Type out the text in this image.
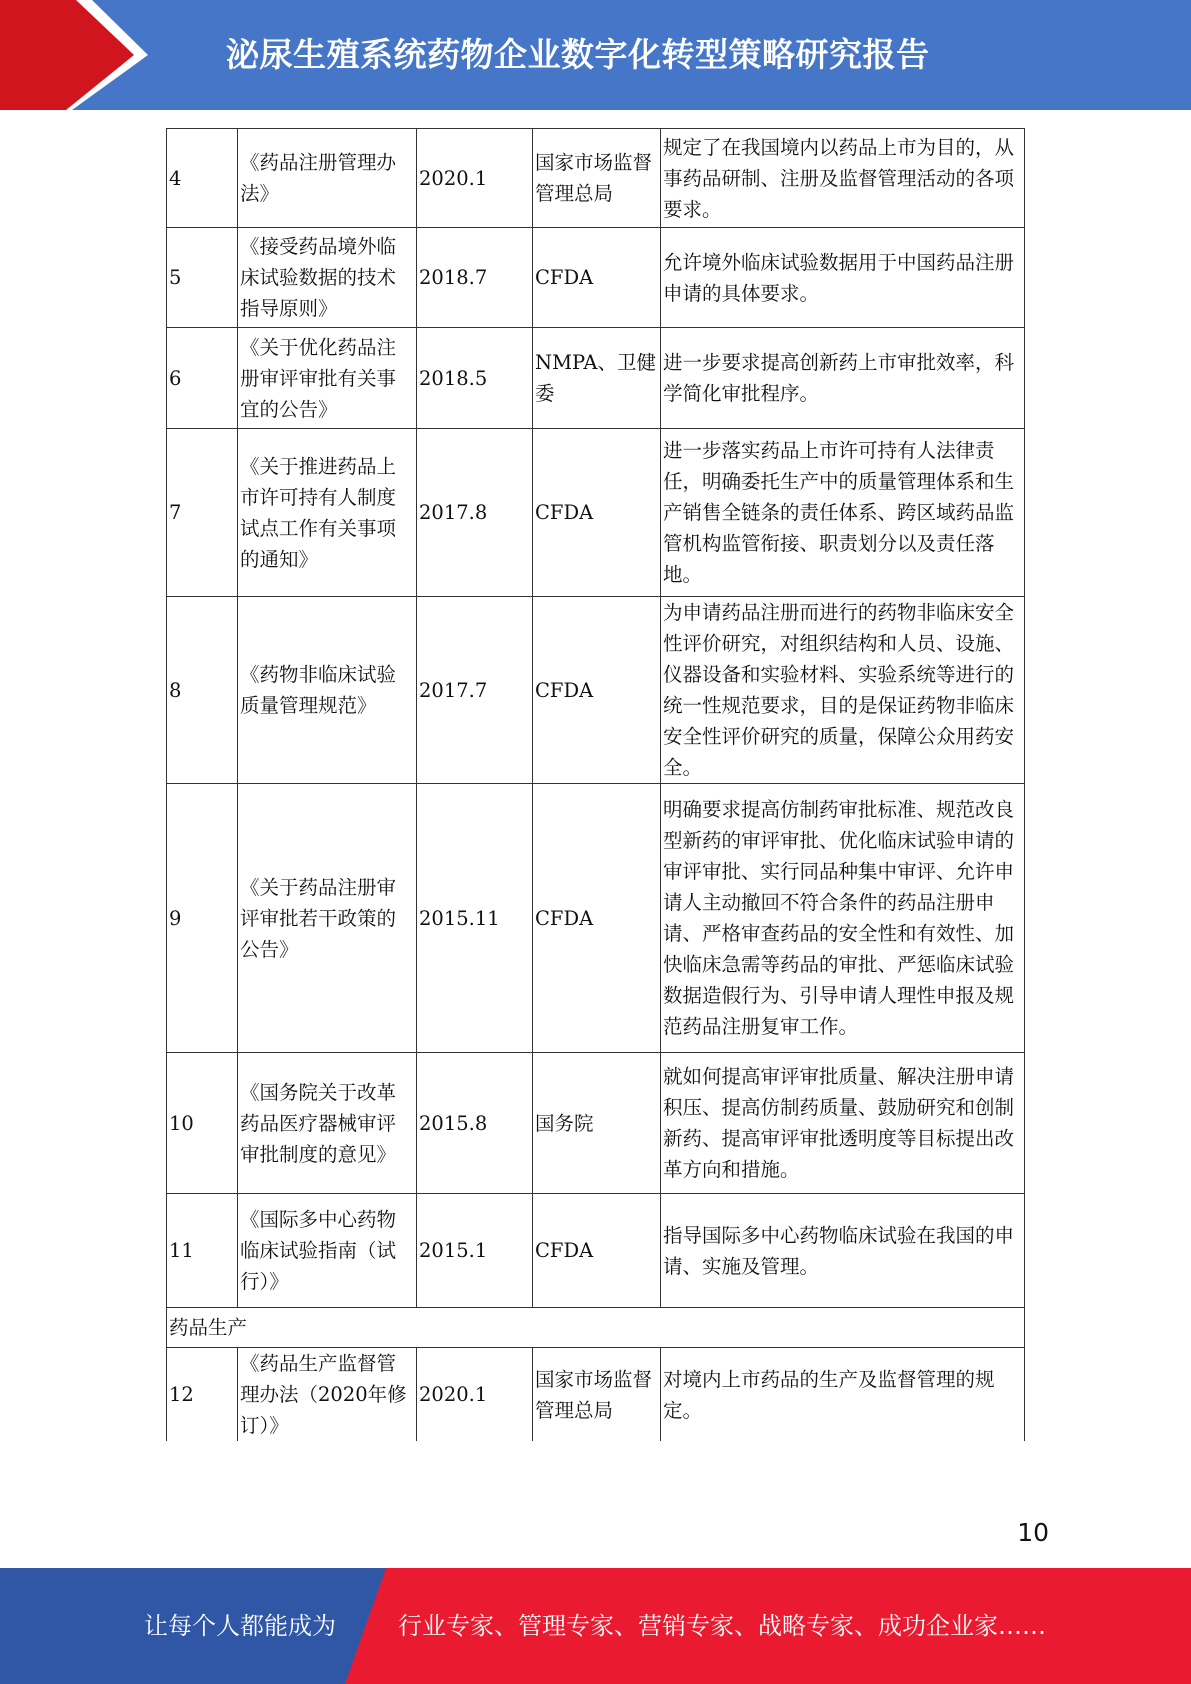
泌尿生殖系统药物企业数字化转型策略研究报告
4	《药品注册管理办法》	2020.1	国家市场监督管理总局	规定了在我国境内以药品上市为目的，从事药品研制、注册及监督管理活动的各项要求。
5	《接受药品境外临床试验数据的技术指导原则》	2018.7	CFDA	允许境外临床试验数据用于中国药品注册申请的具体要求。
6	《关于优化药品注册审评审批有关事宜的公告》	2018.5	NMPA、卫健委	进一步要求提高创新药上市审批效率，科学简化审批程序。
7	《关于推进药品上市许可持有人制度试点工作有关事项的通知》	2017.8	CFDA	进一步落实药品上市许可持有人法律责任，明确委托生产中的质量管理体系和生产销售全链条的责任体系、跨区域药品监管机构监管衔接、职责划分以及责任落地。
8	《药物非临床试验质量管理规范》	2017.7	CFDA	为申请药品注册而进行的药物非临床安全性评价研究，对组织结构和人员、设施、仪器设备和实验材料、实验系统等进行的统一性规范要求，目的是保证药物非临床安全性评价研究的质量，保障公众用药安全。
9	《关于药品注册审评审批若干政策的公告》	2015.11	CFDA	明确要求提高仿制药审批标准、规范改良型新药的审评审批、优化临床试验申请的审评审批、实行同品种集中审评、允许申请人主动撤回不符合条件的药品注册申请、严格审查药品的安全性和有效性、加快临床急需等药品的审批、严惩临床试验数据造假行为、引导申请人理性申报及规范药品注册复审工作。
10	《国务院关于改革药品医疗器械审评审批制度的意见》	2015.8	国务院	就如何提高审评审批质量、解决注册申请积压、提高仿制药质量、鼓励研究和创制新药、提高审评审批透明度等目标提出改革方向和措施。
11	《国际多中心药物临床试验指南（试行）》	2015.1	CFDA	指导国际多中心药物临床试验在我国的申请、实施及管理。
药品生产				
12	《药品生产监督管理办法（2020年修订）》	2020.1	国家市场监督管理总局	对境内上市药品的生产及监督管理的规定。
10
让每个人都能成为	行业专家、管理专家、营销专家、战略专家、成功企业家……
